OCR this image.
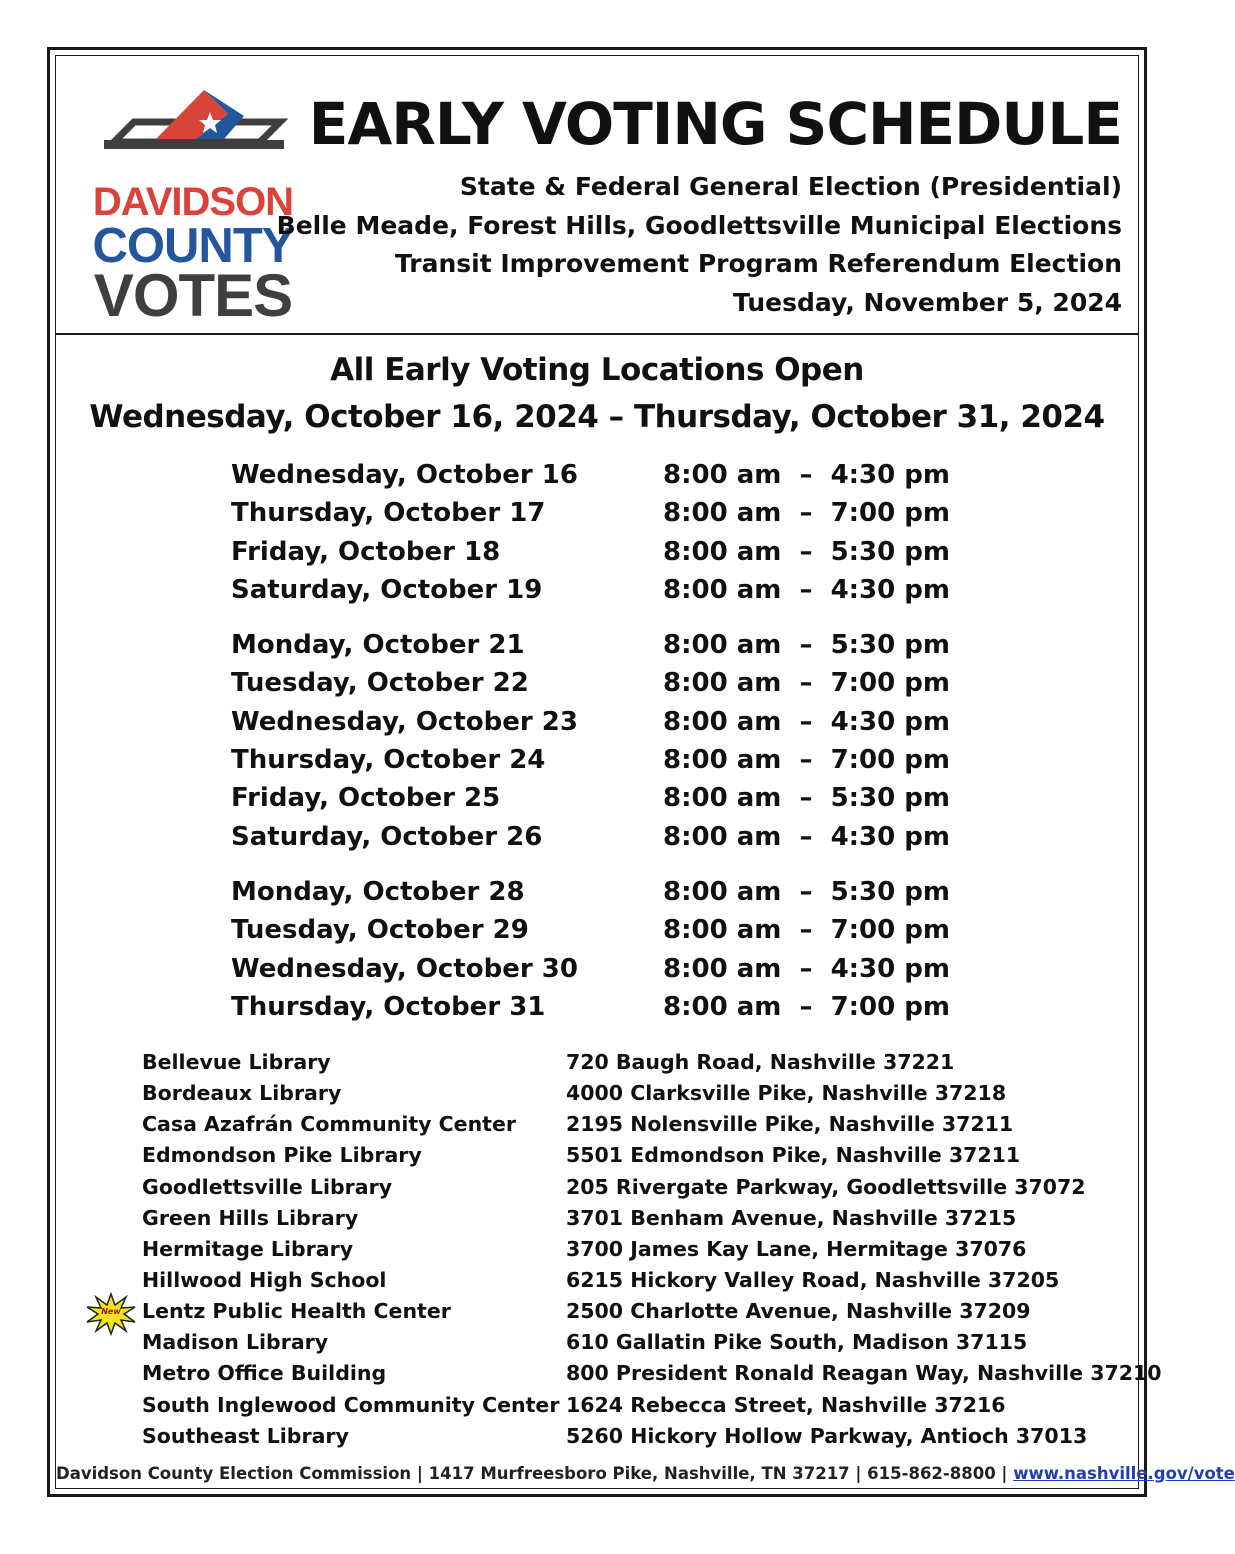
DAVIDSON
COUNTY
VOTES
EARLY VOTING SCHEDULE
State & Federal General Election (Presidential)
Belle Meade, Forest Hills, Goodlettsville Municipal Elections
Transit Improvement Program Referendum Election
Tuesday, November 5, 2024
All Early Voting Locations Open
Wednesday, October 16, 2024 – Thursday, October 31, 2024
Wednesday, October 16	8:00 am  –  4:30 pm
Thursday, October 17	8:00 am  –  7:00 pm
Friday, October 18	8:00 am  –  5:30 pm
Saturday, October 19	8:00 am  –  4:30 pm
Monday, October 21	8:00 am  –  5:30 pm
Tuesday, October 22	8:00 am  –  7:00 pm
Wednesday, October 23	8:00 am  –  4:30 pm
Thursday, October 24	8:00 am  –  7:00 pm
Friday, October 25	8:00 am  –  5:30 pm
Saturday, October 26	8:00 am  –  4:30 pm
Monday, October 28	8:00 am  –  5:30 pm
Tuesday, October 29	8:00 am  –  7:00 pm
Wednesday, October 30	8:00 am  –  4:30 pm
Thursday, October 31	8:00 am  –  7:00 pm
Bellevue Library	720 Baugh Road, Nashville 37221
Bordeaux Library	4000 Clarksville Pike, Nashville 37218
Casa Azafrán Community Center 2195 Nolensville Pike, Nashville 37211
Edmondson Pike Library	5501 Edmondson Pike, Nashville 37211
Goodlettsville Library	205 Rivergate Parkway, Goodlettsville 37072
Green Hills Library	3701 Benham Avenue, Nashville 37215
Hermitage Library	3700 James Kay Lane, Hermitage 37076
Hillwood High School	6215 Hickory Valley Road, Nashville 37205
New	Lentz Public Health Center	2500 Charlotte Avenue, Nashville 37209
Madison Library	610 Gallatin Pike South, Madison 37115
Metro Office Building	800 President Ronald Reagan Way, Nashville 37210
South Inglewood Community Center 1624 Rebecca Street, Nashville 37216
Southeast Library	5260 Hickory Hollow Parkway, Antioch 37013
Davidson County Election Commission | 1417 Murfreesboro Pike, Nashville, TN 37217 | 615-862-8800 | www.nashville.gov/vote
